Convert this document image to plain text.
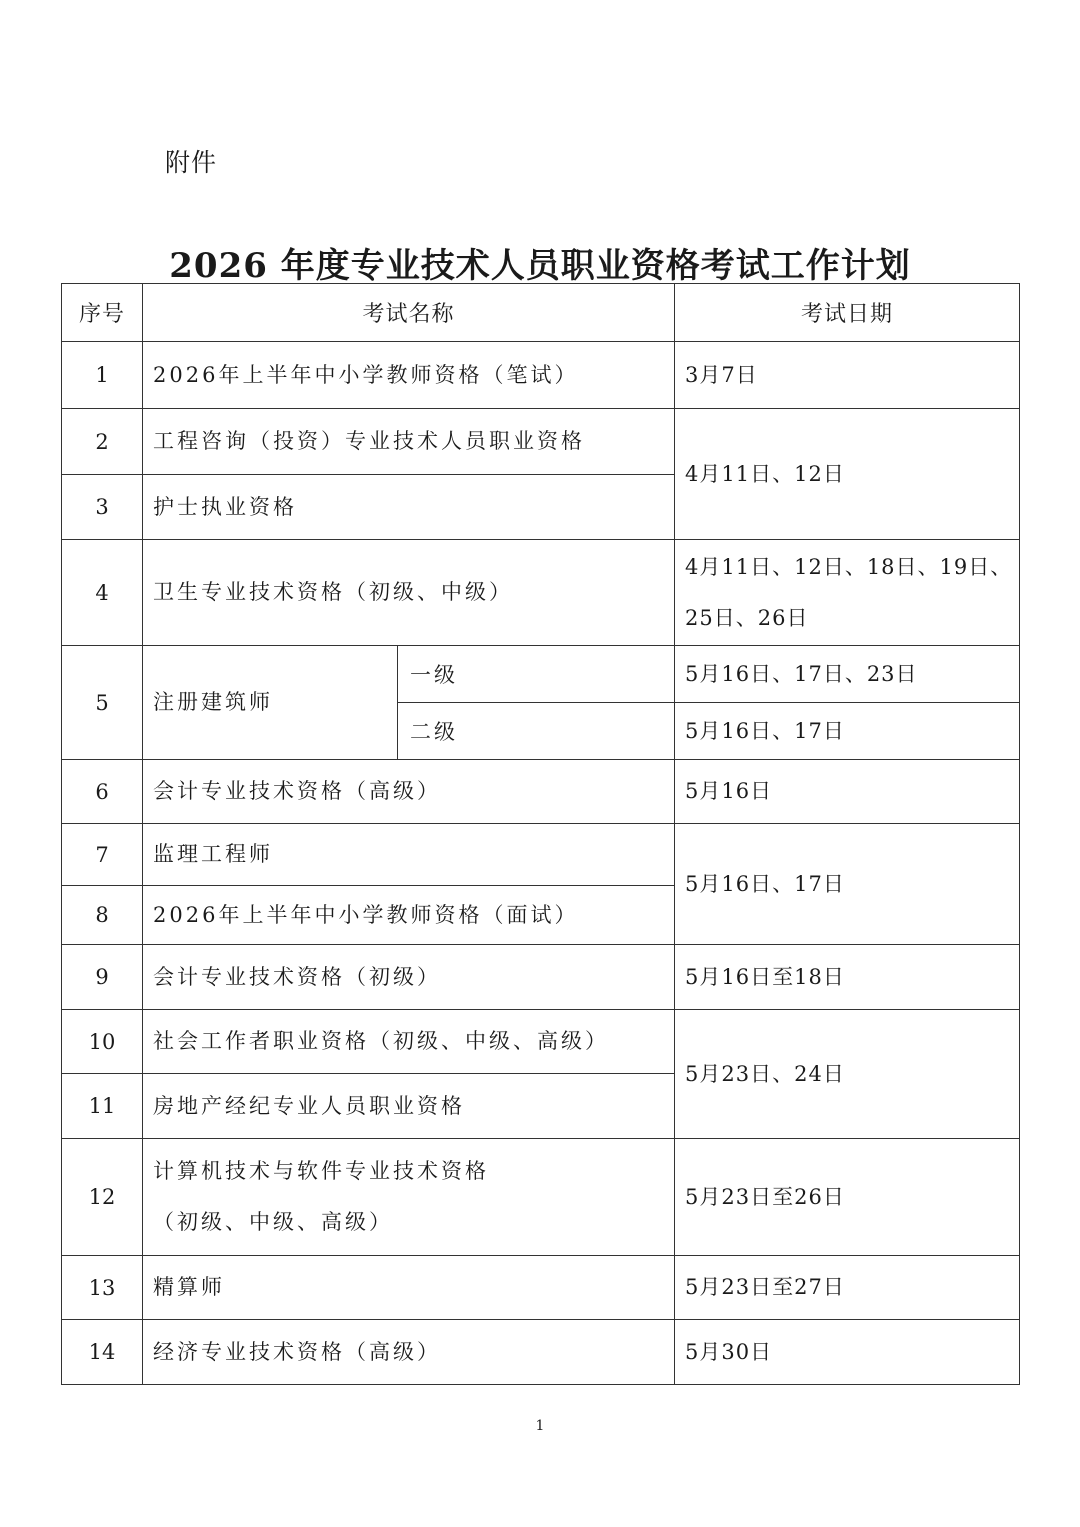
附件
2026 年度专业技术人员职业资格考试工作计划
序号	考试名称		考试日期
1	2026年上半年中小学教师资格（笔试）		3月7日
2	工程咨询（投资）专业技术人员职业资格		4月11日、12日
3	护士执业资格		
4	卫生专业技术资格（初级、中级）		4月11日、12日、18日、19日、
25日、26日

5	注册建筑师	一级	5月16日、17日、23日
		二级	5月16日、17日
6	会计专业技术资格（高级）		5月16日
7	监理工程师		5月16日、17日
8	2026年上半年中小学教师资格（面试）		
9	会计专业技术资格（初级）		5月16日至18日
10	社会工作者职业资格（初级、中级、高级）		5月23日、24日
11	房地产经纪专业人员职业资格		
12	计算机技术与软件专业技术资格
（初级、中级、高级）		5月23日至26日
13	精算师		5月23日至27日
14	经济专业技术资格（高级）		5月30日
1
